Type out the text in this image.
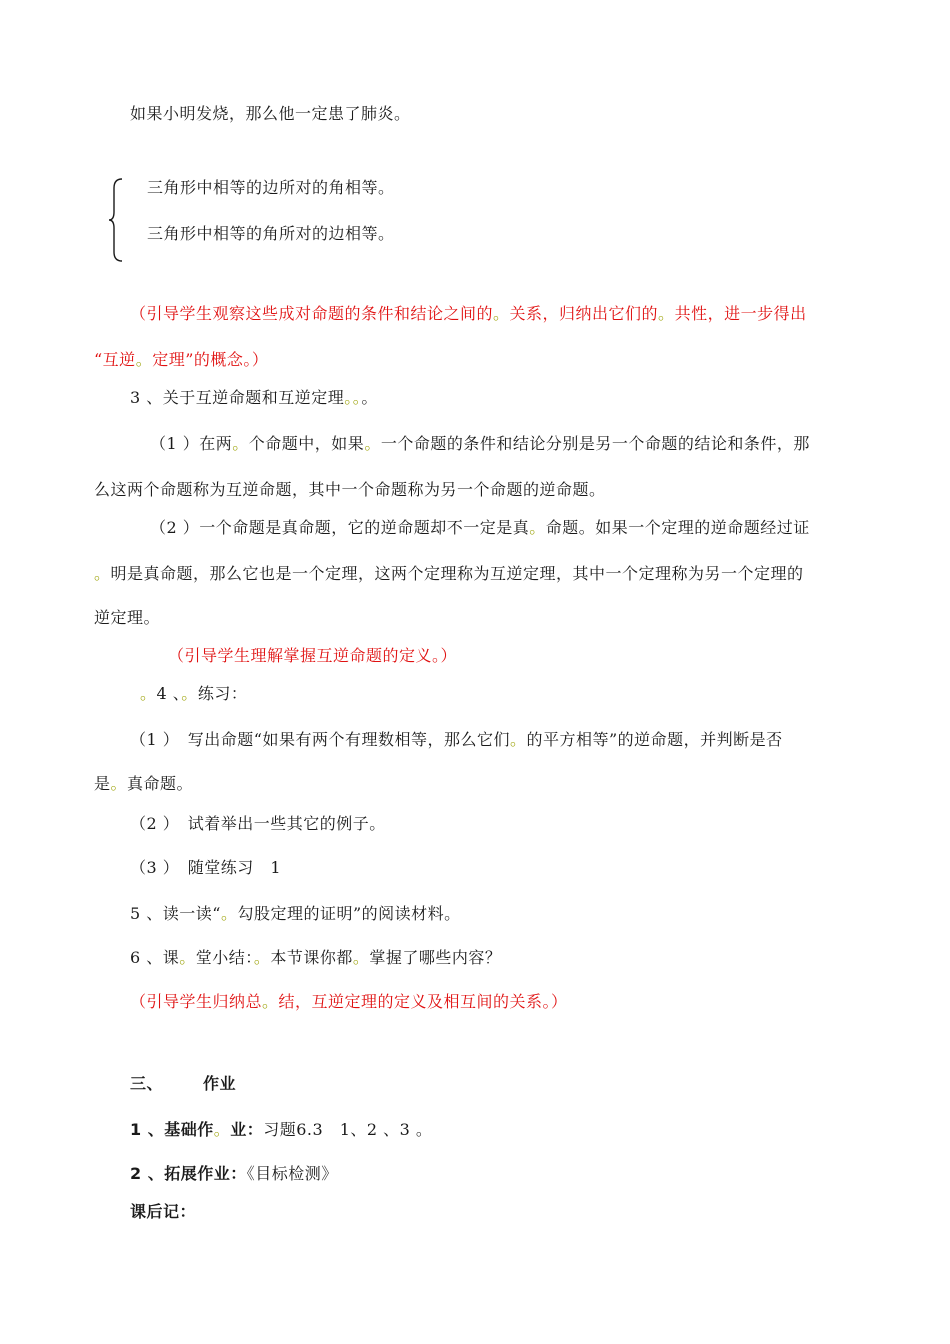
如果小明发烧，那么他一定患了肺炎。
三角形中相等的边所对的角相等。
三角形中相等的角所对的边相等。
（引导学生观察这些成对命题的条件和结论之间的。关系，归纳出它们的。共性，进一步得出
“互逆。定理”的概念。）
3 、关于互逆命题和互逆定理。。。
（1 ）在两。个命题中，如果。一个命题的条件和结论分别是另一个命题的结论和条件，那
么这两个命题称为互逆命题，其中一个命题称为另一个命题的逆命题。
（2 ）一个命题是真命题，它的逆命题却不一定是真。命题。如果一个定理的逆命题经过证
。明是真命题，那么它也是一个定理，这两个定理称为互逆定理，其中一个定理称为另一个定理的
逆定理。
（引导学生理解掌握互逆命题的定义。）
。4 、。练习：
（1 ）　 写出命题“如果有两个有理数相等，那么它们。的平方相等”的逆命题，并判断是否
是。真命题。
（2 ）　 试着举出一些其它的例子。
（3 ）　 随堂练习　 1
5 、读一读“。勾股定理的证明”的阅读材料。
6 、课。堂小结：。本节课你都。掌握了哪些内容？
（引导学生归纳总。结，互逆定理的定义及相互间的关系。）
三、	作业
1 、基础作。业：习题6.3　1、2 、3 。
2 、拓展作业：《目标检测》
课后记：
